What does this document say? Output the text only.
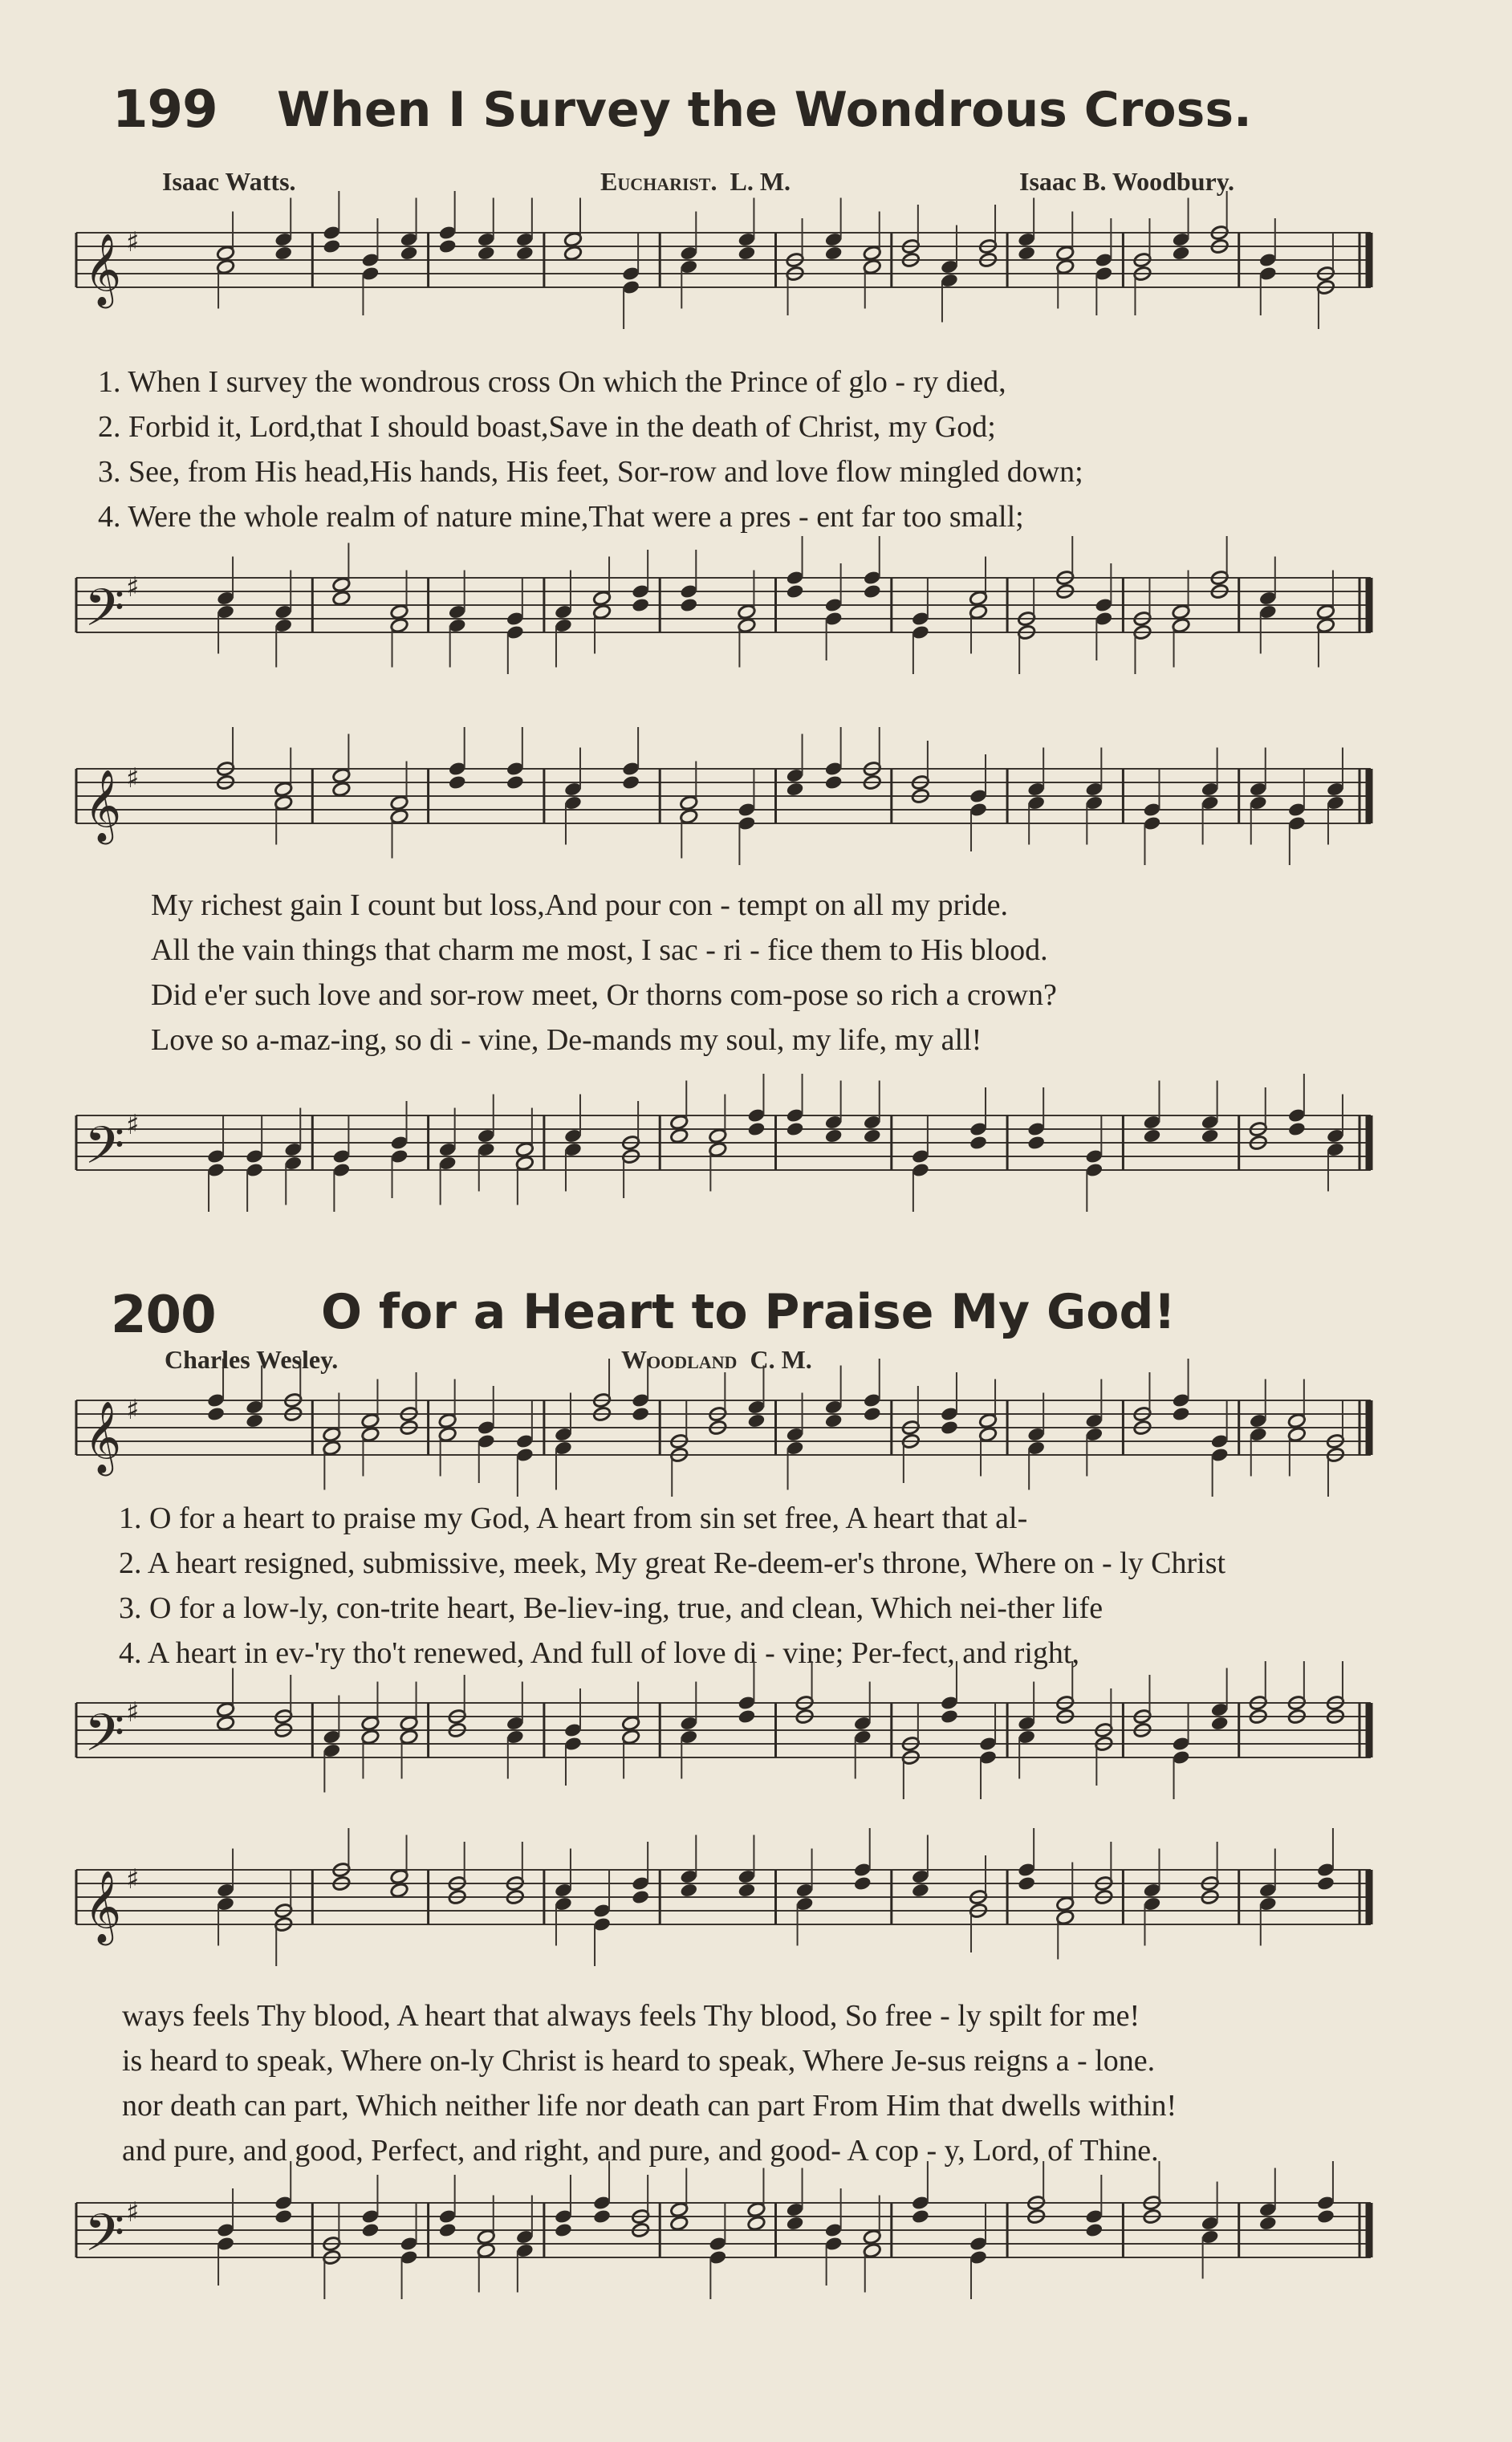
199 When I Survey the Wondrous Cross.
Isaac Watts.	Eucharist. L. M.	Isaac B. Woodbury.
𝄞 ♯
1. When I survey the wondrous cross On which the Prince of glo - ry died,
2. Forbid it, Lord,that I should boast,Save in the death of Christ, my God;
3. See, from His head,His hands, His feet, Sor-row and love flow mingled down;
4. Were the whole realm of nature mine,That were a pres - ent far too small;
𝄢 ♯
𝄞 ♯
My richest gain I count but loss,And pour con - tempt on all my pride.
All the vain things that charm me most, I sac - ri - fice them to His blood.
Did e'er such love and sor-row meet, Or thorns com-pose so rich a crown?
Love so a-maz-ing, so di - vine, De-mands my soul, my life, my all!
𝄢 ♯
200 O for a Heart to Praise My God!
Charles Wesley.	Woodland C. M.
𝄞 ♯
1. O for a heart to praise my God, A heart from sin set free, A heart that al-
2. A heart resigned, submissive, meek, My great Re-deem-er's throne, Where on - ly Christ
3. O for a low-ly, con-trite heart, Be-liev-ing, true, and clean, Which nei-ther life
4. A heart in ev-'ry tho't renewed, And full of love di - vine; Per-fect, and right,
𝄢 ♯
𝄞 ♯
ways feels Thy blood, A heart that always feels Thy blood, So free - ly spilt for me!
is heard to speak, Where on-ly Christ is heard to speak, Where Je-sus reigns a - lone.
nor death can part, Which neither life nor death can part From Him that dwells within!
and pure, and good, Perfect, and right, and pure, and good- A cop - y, Lord, of Thine.
𝄢 ♯
